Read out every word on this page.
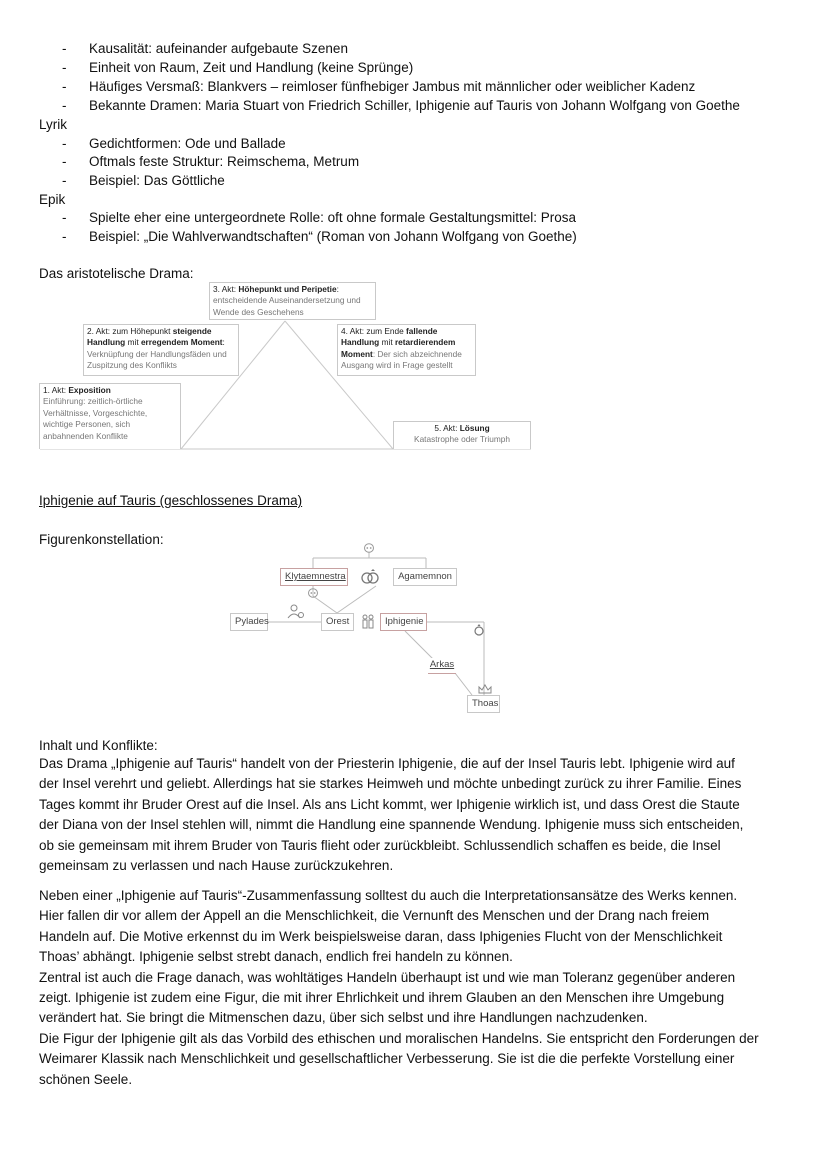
-	Kausalität: aufeinander aufgebaute Szenen
-	Einheit von Raum, Zeit und Handlung (keine Sprünge)
-	Häufiges Versmaß: Blankvers – reimloser fünfhebiger Jambus mit männlicher oder weiblicher Kadenz
-	Bekannte Dramen: Maria Stuart von Friedrich Schiller, Iphigenie auf Tauris von Johann Wolfgang von Goethe
Lyrik
-	Gedichtformen: Ode und Ballade
-	Oftmals feste Struktur: Reimschema, Metrum
-	Beispiel: Das Göttliche
Epik
-	Spielte eher eine untergeordnete Rolle: oft ohne formale Gestaltungsmittel: Prosa
-	Beispiel: „Die Wahlverwandtschaften“ (Roman von Johann Wolfgang von Goethe)
Das aristotelische Drama:
3. Akt: Höhepunkt und Peripetie:
entscheidende Auseinandersetzung und
Wende des Geschehens
2. Akt: zum Höhepunkt steigende
Handlung mit erregendem Moment:
Verknüpfung der Handlungsfäden und
Zuspitzung des Konflikts
4. Akt: zum Ende fallende
Handlung mit retardierendem
Moment: Der sich abzeichnende
Ausgang wird in Frage gestellt
1. Akt: Exposition
Einführung: zeitlich-örtliche
Verhältnisse, Vorgeschichte,
wichtige Personen, sich
anbahnenden Konflikte
5. Akt: Lösung
Katastrophe oder Triumph
Iphigenie auf Tauris (geschlossenes Drama)
Figurenkonstellation:
Klytaemnestra	Agamemnon
Pylades	Orest	Iphigenie
Arkas
Thoas
Inhalt und Konflikte:
Das Drama „Iphigenie auf Tauris“ handelt von der Priesterin Iphigenie, die auf der Insel Tauris lebt. Iphigenie wird auf
der Insel verehrt und geliebt. Allerdings hat sie starkes Heimweh und möchte unbedingt zurück zu ihrer Familie. Eines
Tages kommt ihr Bruder Orest auf die Insel. Als ans Licht kommt, wer Iphigenie wirklich ist, und dass Orest die Staute
der Diana von der Insel stehlen will, nimmt die Handlung eine spannende Wendung. Iphigenie muss sich entscheiden,
ob sie gemeinsam mit ihrem Bruder von Tauris flieht oder zurückbleibt. Schlussendlich schaffen es beide, die Insel
gemeinsam zu verlassen und nach Hause zurückzukehren.
Neben einer „Iphigenie auf Tauris“-Zusammenfassung solltest du auch die Interpretationsansätze des Werks kennen.
Hier fallen dir vor allem der Appell an die Menschlichkeit, die Vernunft des Menschen und der Drang nach freiem
Handeln auf. Die Motive erkennst du im Werk beispielsweise daran, dass Iphigenies Flucht von der Menschlichkeit
Thoas’ abhängt. Iphigenie selbst strebt danach, endlich frei handeln zu können.
Zentral ist auch die Frage danach, was wohltätiges Handeln überhaupt ist und wie man Toleranz gegenüber anderen
zeigt. Iphigenie ist zudem eine Figur, die mit ihrer Ehrlichkeit und ihrem Glauben an den Menschen ihre Umgebung
verändert hat. Sie bringt die Mitmenschen dazu, über sich selbst und ihre Handlungen nachzudenken.
Die Figur der Iphigenie gilt als das Vorbild des ethischen und moralischen Handelns. Sie entspricht den Forderungen der
Weimarer Klassik nach Menschlichkeit und gesellschaftlicher Verbesserung. Sie ist die die perfekte Vorstellung einer
schönen Seele.
